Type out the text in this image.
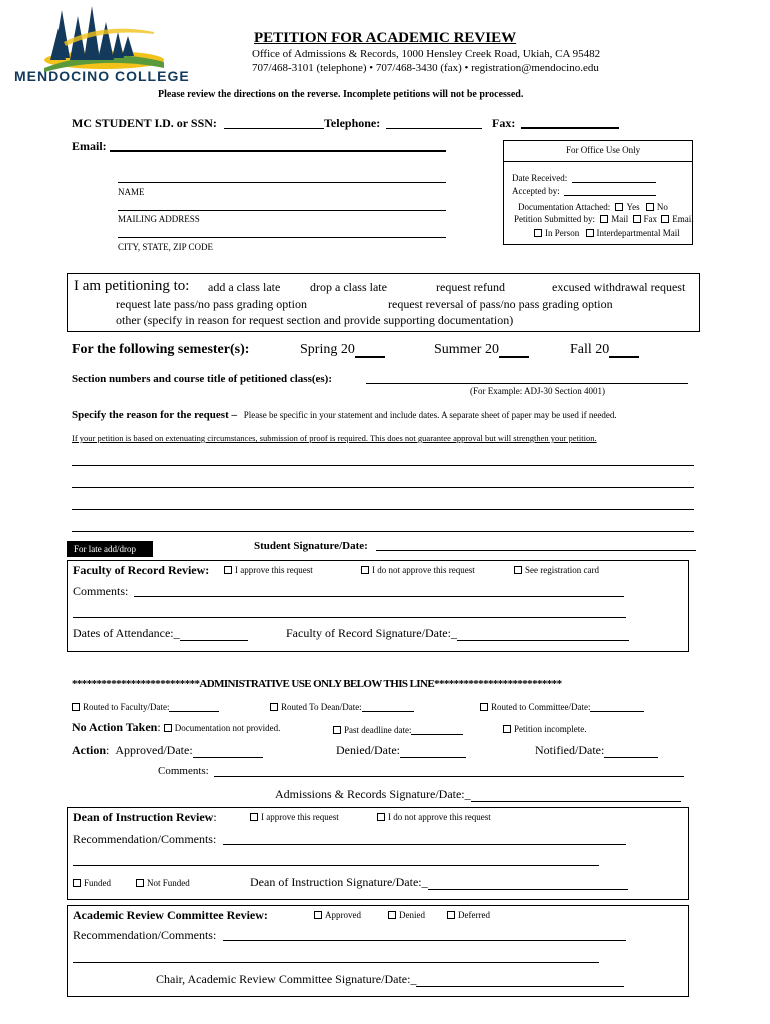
MENDOCINO COLLEGE
PETITION FOR ACADEMIC REVIEW
Office of Admissions & Records, 1000 Hensley Creek Road, Ukiah, CA 95482
707/468-3101 (telephone) • 707/468-3430 (fax) • registration@mendocino.edu
Please review the directions on the reverse. Incomplete petitions will not be processed.
MC STUDENT I.D. or SSN:	Telephone:	Fax:
Email:
NAME
MAILING ADDRESS
CITY, STATE, ZIP CODE
For Office Use Only
Date Received:
Accepted by:
Documentation Attached: Yes No
Petition Submitted by: Mail Fax Email
In Person Interdepartmental Mail
I am petitioning to: add a class late drop a class late	request refund	excused withdrawal request
request late pass/no pass grading option	request reversal of pass/no pass grading option
other (specify in reason for request section and provide supporting documentation)
For the following semester(s):	Spring 20	Summer 20	Fall 20
Section numbers and course title of petitioned class(es):
(For Example: ADJ-30 Section 4001)
Specify the reason for the request – Please be specific in your statement and include dates. A separate sheet of paper may be used if needed.
If your petition is based on extenuating circumstances, submission of proof is required. This does not guarantee approval but will strengthen your petition.
For late add/drop	Student Signature/Date:
Faculty of Record Review:	I approve this request	I do not approve this request	See registration card
Comments:
Dates of Attendance:_	Faculty of Record Signature/Date:_
**************************ADMINISTRATIVE USE ONLY BELOW THIS LINE**************************
Routed to Faculty/Date:	Routed To Dean/Date:	Routed to Committee/Date:
No Action Taken: Documentation not provided.	Past deadline date:	Petition incomplete.
Action:  Approved/Date:	Denied/Date:	Notified/Date:
Comments:
Admissions & Records Signature/Date:_
Dean of Instruction Review:	I approve this request	I do not approve this request
Recommendation/Comments:
Funded	Not Funded	Dean of Instruction Signature/Date:_
Academic Review Committee Review:	Approved	Denied	Deferred
Recommendation/Comments:
Chair, Academic Review Committee Signature/Date:_
